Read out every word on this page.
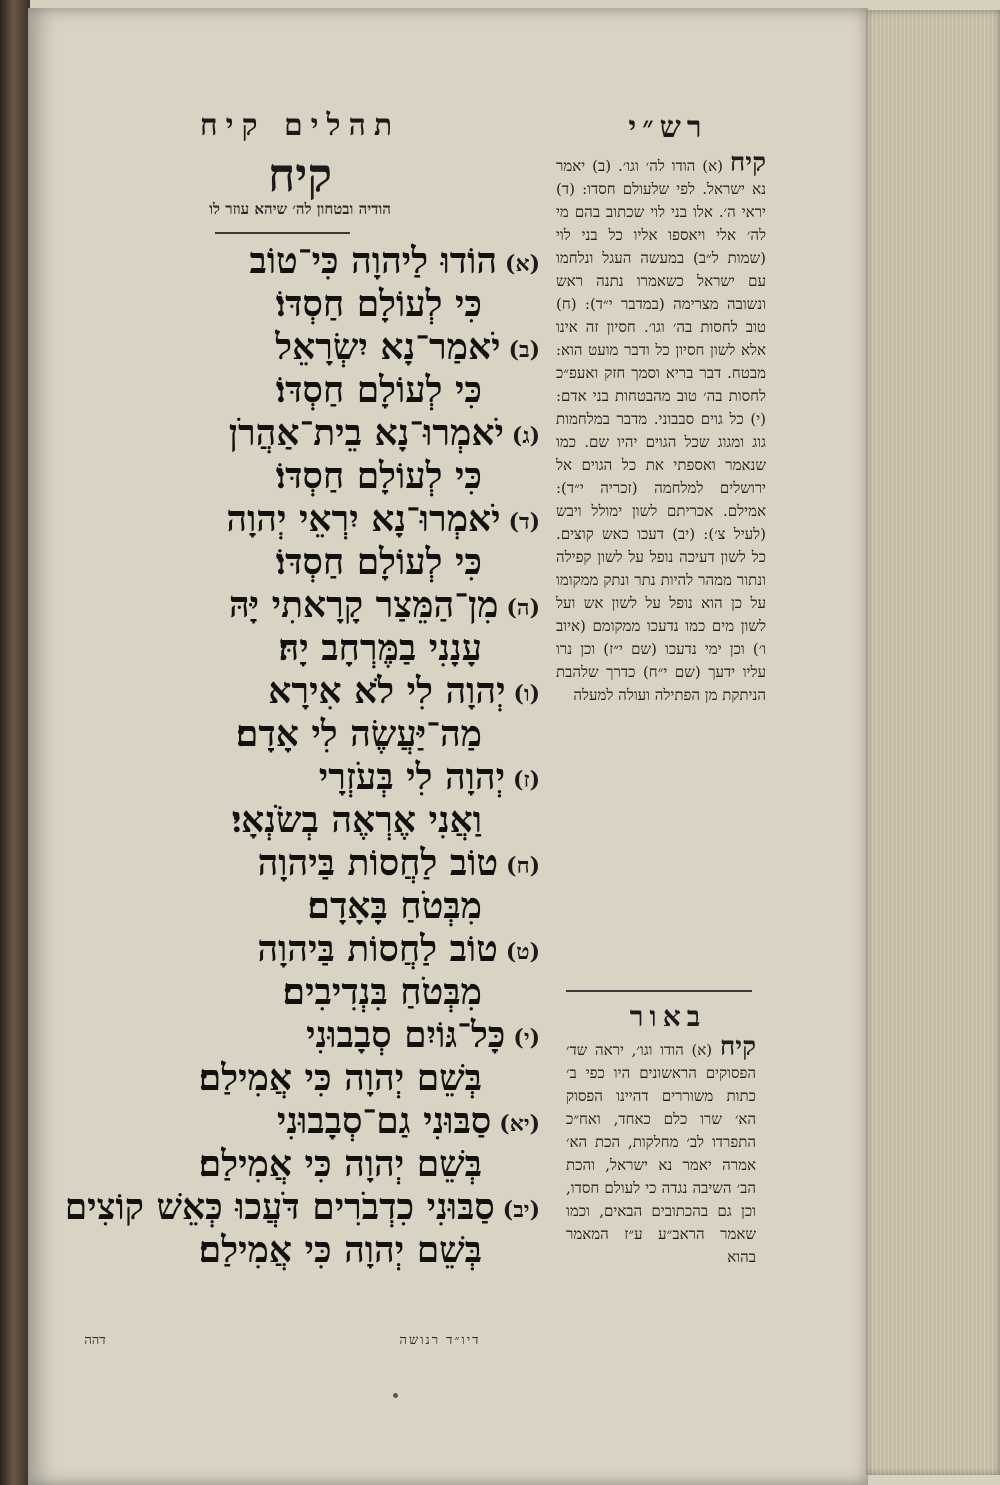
תהלים קיח
קיח
הודיה ובטחון לה׳ שיהא עוזר לו
(א)הוֹדוּ לַיהוָה כִּי־טוֹב
כִּי לְעוֹלָם חַסְדּוֹ׃
(ב)יֹאמַר־נָא יִשְׂרָאֵל
כִּי לְעוֹלָם חַסְדּוֹ׃
(ג)יֹאמְרוּ־נָא בֵית־אַהֲרֹן
כִּי לְעוֹלָם חַסְדּוֹ׃
(ד)יֹאמְרוּ־נָא יִרְאֵי יְהוָה
כִּי לְעוֹלָם חַסְדּוֹ׃
(ה)מִן־הַמֵּצַר קָרָאתִי יָּהּ
עָנָנִי בַמֶּרְחָב יָהּ׃
(ו)יְהוָה לִי לֹא אִירָא
מַה־יַּעֲשֶׂה לִי אָדָם׃
(ז)יְהוָה לִי בְּעֹזְרָי
וַאֲנִי אֶרְאֶה בְשֹׂנְאָי׃
(ח)טוֹב לַחֲסוֹת בַּיהוָה
מִבְּטֹחַ בָּאָדָם׃
(ט)טוֹב לַחֲסוֹת בַּיהוָה
מִבְּטֹחַ בִּנְדִיבִים׃
(י)כָּל־גּוֹיִם סְבָבוּנִי
בְּשֵׁם יְהוָה כִּי אֲמִילַם׃
(יא)סַבּוּנִי גַם־סְבָבוּנִי
בְּשֵׁם יְהוָה כִּי אֲמִילַם׃
(יב)סַבּוּנִי כִדְבֹרִים דֹּעֲכוּ כְּאֵשׁ קוֹצִים
בְּשֵׁם יְהוָה כִּי אֲמִילַם׃
רש״י
קיח (א) הודו לה׳ וגו׳. (ב) יאמר נא ישראל. לפי שלעולם חסדו: (ד) יראי ה׳. אלו בני לוי שכתוב בהם מי לה׳ אלי ויאספו אליו כל בני לוי (שמות ל״ב) במעשה העגל ונלחמו עם ישראל כשאמרו נתנה ראש ונשובה מצרימה (במדבר י״ד): (ח) טוב לחסות בה׳ וגו׳. חסיון זה אינו אלא לשון חסיון כל ודבר מועט הוא: מבטח. דבר בריא וסמך חזק ואעפ״כ לחסות בה׳ טוב מהבטחות בני אדם: (י) כל גוים סבבוני. מדבר במלחמות גוג ומגוג שכל הגוים יהיו שם. כמו שנאמר ואספתי את כל הגוים אל ירושלים למלחמה (זכריה י״ד): אמילם. אכריתם לשון ימולל ויבש (לעיל צ׳): (יב) דעכו כאש קוצים. כל לשון דעיכה נופל על לשון קפילה ונתור ממהר להיות נתר ונתק ממקומו על כן הוא נופל על לשון אש ועל לשון מים כמו נדעכו ממקומם (איוב ו׳) וכן ימי נדעכו (שם י״ז) וכן נרו עליו ידעך (שם י״ח) כדרך שלהבת הניתקת מן הפתילה ועולה למעלה
באור
קיח (א) הודו וגו׳, יראה שד׳ הפסוקים הראשונים היו כפי ב׳ כתות משוררים דהיינו הפסוק הא׳ שרו כלם כאחד, ואח״כ התפרדו לב׳ מחלקות, הכת הא׳ אמרה יאמר נא ישראל, והכת הב׳ השיבה נגדה כי לעולם חסדו, וכן גם בהכתובים הבאים, וכמו שאמר הראב״ע ע״ז המאמר בהוא
דיו״ד רנושה
דהה
